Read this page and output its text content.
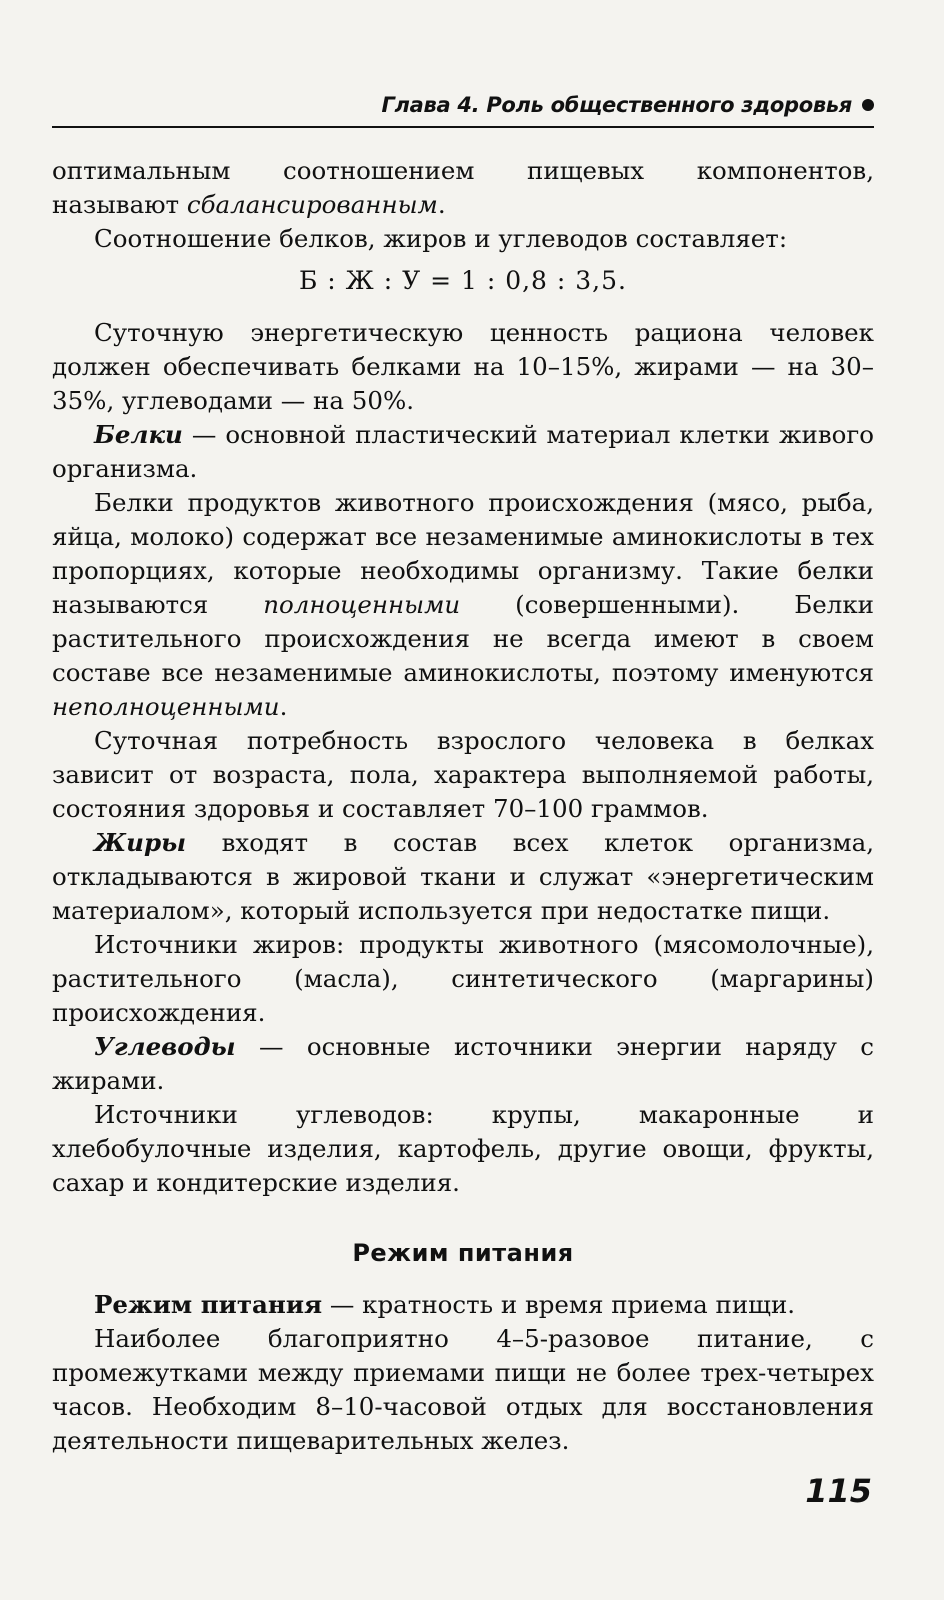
Глава 4. Роль общественного здоровья

оптимальным соотношением пищевых компонентов, называют сбалансированным.

Соотношение белков, жиров и углеводов составляет:

Б : Ж : У = 1 : 0,8 : 3,5.

Суточную энергетическую ценность рациона человек должен обеспечивать белками на 10–15%, жирами — на 30–35%, углеводами — на 50%.

Белки — основной пластический материал клетки живого организма.

Белки продуктов животного происхождения (мясо, рыба, яйца, молоко) содержат все незаменимые аминокислоты в тех пропорциях, которые необходимы организму. Такие белки называются полноценными (совершенными). Белки растительного происхождения не всегда имеют в своем составе все незаменимые аминокислоты, поэтому именуются неполноценными.

Суточная потребность взрослого человека в белках зависит от возраста, пола, характера выполняемой работы, состояния здоровья и составляет 70–100 граммов.

Жиры входят в состав всех клеток организма, откладываются в жировой ткани и служат «энергетическим материалом», который используется при недостатке пищи.

Источники жиров: продукты животного (мясомолочные), растительного (масла), синтетического (маргарины) происхождения.

Углеводы — основные источники энергии наряду с жирами.

Источники углеводов: крупы, макаронные и хлебобулочные изделия, картофель, другие овощи, фрукты, сахар и кондитерские изделия.

Режим питания

Режим питания — кратность и время приема пищи.

Наиболее благоприятно 4–5-разовое питание, с промежутками между приемами пищи не более трех-четырех часов. Необходим 8–10-часовой отдых для восстановления деятельности пищеварительных желез.

115
